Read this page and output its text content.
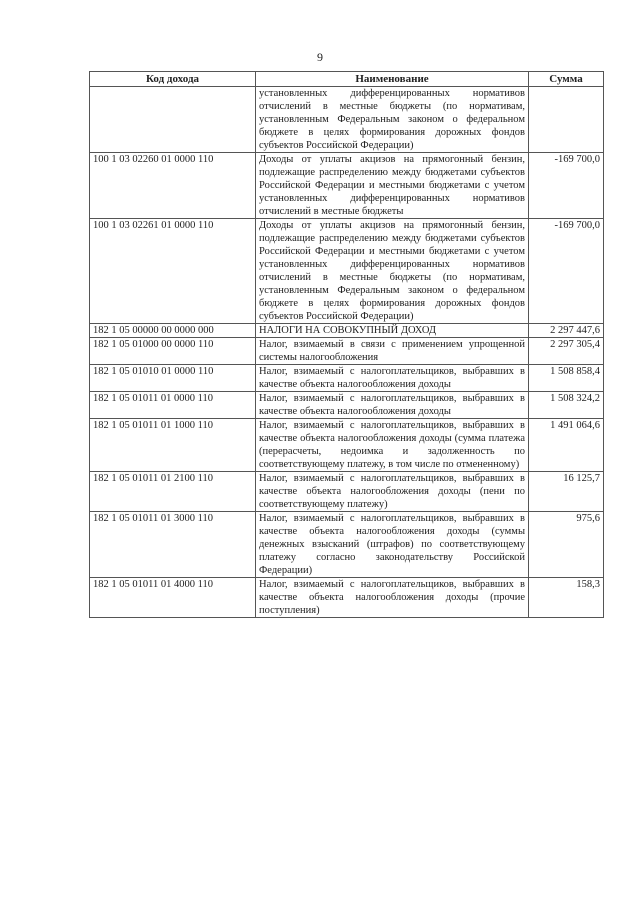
9
Код дохода	Наименование	Сумма
	установленных дифференцированных нормативов отчислений в местные бюджеты (по нормативам, установленным Федеральным законом о федеральном бюджете в целях формирования дорожных фондов субъектов Российской Федерации)	
100 1 03 02260 01 0000 110	Доходы от уплаты акцизов на прямогонный бензин, подлежащие распределению между бюджетами субъектов Российской Федерации и местными бюджетами с учетом установленных дифференцированных нормативов отчислений в местные бюджеты	-169 700,0
100 1 03 02261 01 0000 110	Доходы от уплаты акцизов на прямогонный бензин, подлежащие распределению между бюджетами субъектов Российской Федерации и местными бюджетами с учетом установленных дифференцированных нормативов отчислений в местные бюджеты (по нормативам, установленным Федеральным законом о федеральном бюджете в целях формирования дорожных фондов субъектов Российской Федерации)	-169 700,0
182 1 05 00000 00 0000 000	НАЛОГИ НА СОВОКУПНЫЙ ДОХОД	2 297 447,6
182 1 05 01000 00 0000 110	Налог, взимаемый в связи с применением упрощенной системы налогообложения	2 297 305,4
182 1 05 01010 01 0000 110	Налог, взимаемый с налогоплательщиков, выбравших в качестве объекта налогообложения доходы	1 508 858,4
182 1 05 01011 01 0000 110	Налог, взимаемый с налогоплательщиков, выбравших в качестве объекта налогообложения доходы	1 508 324,2
182 1 05 01011 01 1000 110	Налог, взимаемый с налогоплательщиков, выбравших в качестве объекта налогообложения доходы (сумма платежа (перерасчеты, недоимка и задолженность по соответствующему платежу, в том числе по отмененному)	1 491 064,6
182 1 05 01011 01 2100 110	Налог, взимаемый с налогоплательщиков, выбравших в качестве объекта налогообложения доходы (пени по соответствующему платежу)	16 125,7
182 1 05 01011 01 3000 110	Налог, взимаемый с налогоплательщиков, выбравших в качестве объекта налогообложения доходы (суммы денежных взысканий (штрафов) по соответствующему платежу согласно законодательству Российской Федерации)	975,6
182 1 05 01011 01 4000 110	Налог, взимаемый с налогоплательщиков, выбравших в качестве объекта налогообложения доходы (прочие поступления)	158,3
